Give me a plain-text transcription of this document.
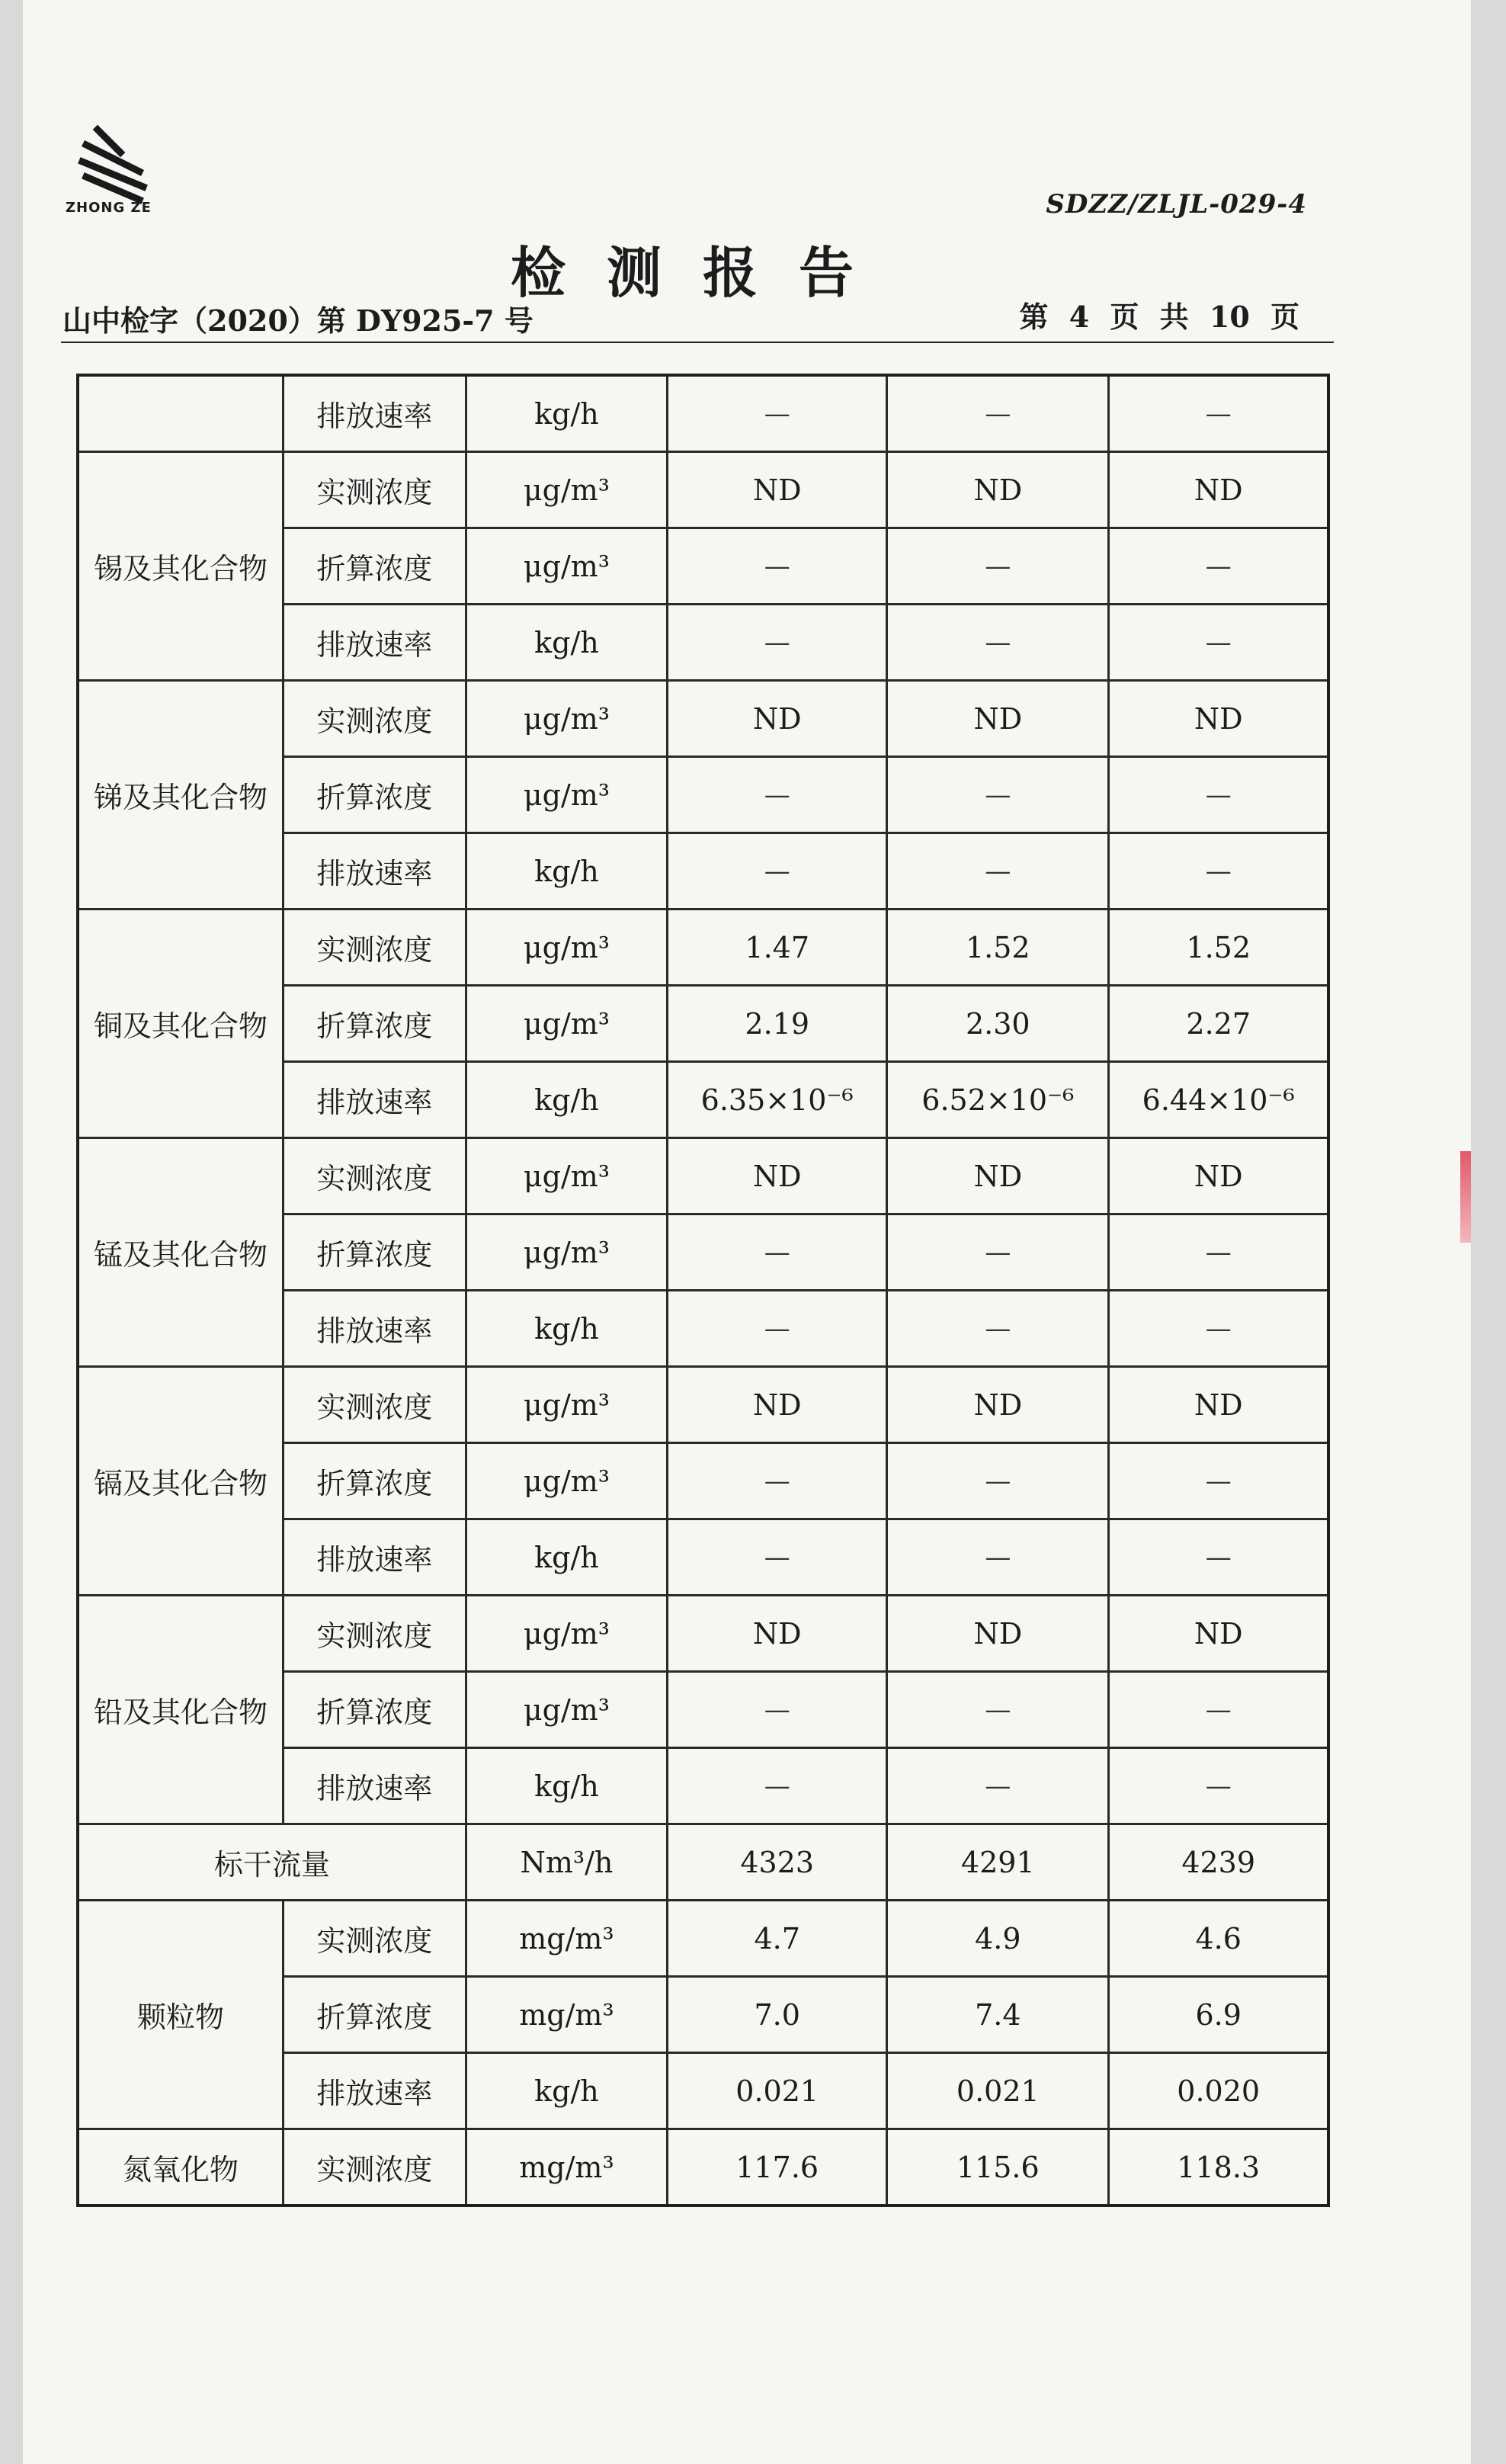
ZHONG ZE	SDZZ/ZLJL-029-4
检测报告
山中检字（2020）第 DY925-7 号	第 4 页 共 10 页
	排放速率	kg/h	—	—	—
锡及其化合物	实测浓度	μg/m³	ND	ND	ND
	折算浓度	μg/m³	—	—	—
	排放速率	kg/h	—	—	—
锑及其化合物	实测浓度	μg/m³	ND	ND	ND
	折算浓度	μg/m³	—	—	—
	排放速率	kg/h	—	—	—
铜及其化合物	实测浓度	μg/m³	1.47	1.52	1.52
	折算浓度	μg/m³	2.19	2.30	2.27
	排放速率	kg/h	6.35×10⁻⁶	6.52×10⁻⁶	6.44×10⁻⁶
锰及其化合物	实测浓度	μg/m³	ND	ND	ND
	折算浓度	μg/m³	—	—	—
	排放速率	kg/h	—	—	—
镉及其化合物	实测浓度	μg/m³	ND	ND	ND
	折算浓度	μg/m³	—	—	—
	排放速率	kg/h	—	—	—
铅及其化合物	实测浓度	μg/m³	ND	ND	ND
	折算浓度	μg/m³	—	—	—
	排放速率	kg/h	—	—	—
标干流量		Nm³/h	4323	4291	4239
颗粒物	实测浓度	mg/m³	4.7	4.9	4.6
	折算浓度	mg/m³	7.0	7.4	6.9
	排放速率	kg/h	0.021	0.021	0.020
氮氧化物	实测浓度	mg/m³	117.6	115.6	118.3
